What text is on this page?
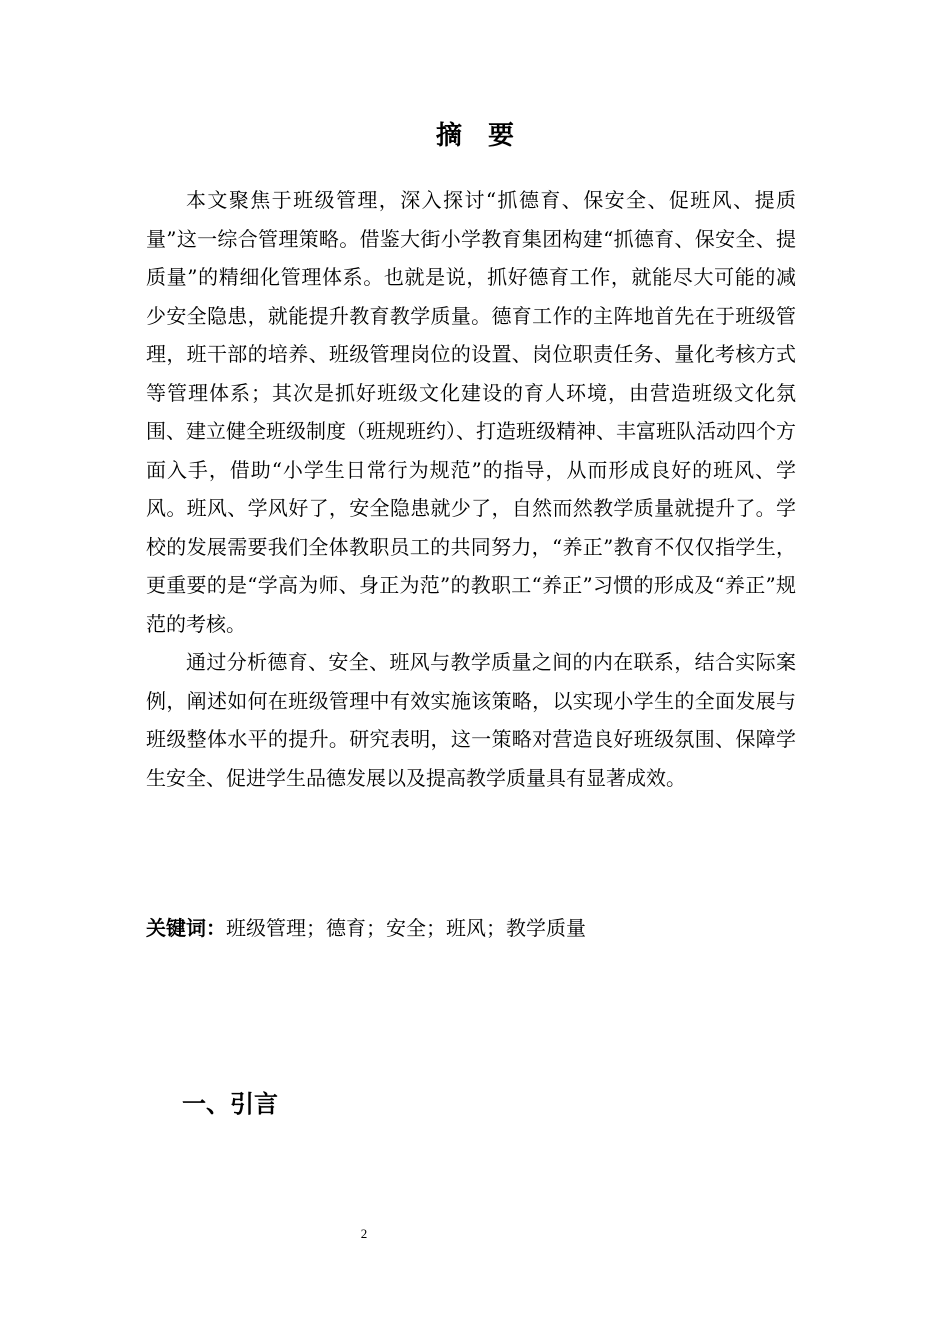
摘要

本文聚焦于班级管理，深入探讨“抓德育、保安全、促班风、提质量”这一综合管理策略。借鉴大街小学教育集团构建“抓德育、保安全、提质量”的精细化管理体系。也就是说，抓好德育工作，就能尽大可能的减少安全隐患，就能提升教育教学质量。德育工作的主阵地首先在于班级管理，班干部的培养、班级管理岗位的设置、岗位职责任务、量化考核方式等管理体系；其次是抓好班级文化建设的育人环境，由营造班级文化氛围、建立健全班级制度（班规班约）、打造班级精神、丰富班队活动四个方面入手，借助“小学生日常行为规范”的指导，从而形成良好的班风、学风。班风、学风好了，安全隐患就少了，自然而然教学质量就提升了。学校的发展需要我们全体教职员工的共同努力，“养正”教育不仅仅指学生，更重要的是“学高为师、身正为范”的教职工“养正”习惯的形成及“养正”规范的考核。

通过分析德育、安全、班风与教学质量之间的内在联系，结合实际案例，阐述如何在班级管理中有效实施该策略，以实现小学生的全面发展与班级整体水平的提升。研究表明，这一策略对营造良好班级氛围、保障学生安全、促进学生品德发展以及提高教学质量具有显著成效。

关键词：班级管理；德育；安全；班风；教学质量

一、引言
2
